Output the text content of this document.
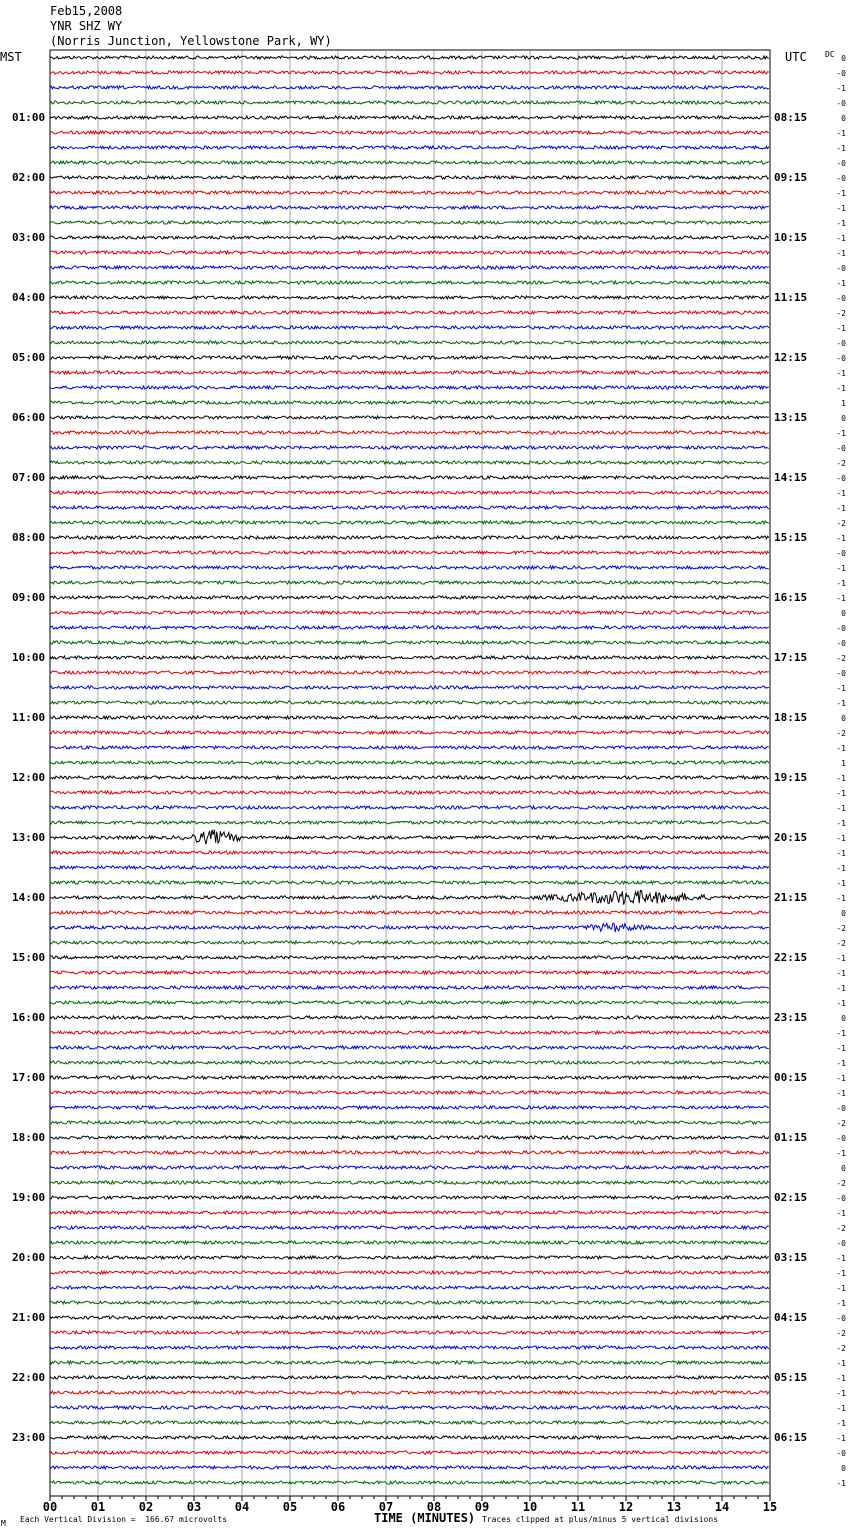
Feb15,2008
YNR SHZ WY
(Norris Junction, Yellowstone Park, WY)
MST	UTC DC
01:00
02:00
03:00
04:00
05:00
06:00
07:00
08:00
09:00
10:00
11:00
12:00
13:00
14:00
15:00
16:00
17:00
18:00
19:00
20:00
21:00
22:00
23:00
08:15
09:15
10:15
11:15
12:15
13:15
14:15
15:15
16:15
17:15
18:15
19:15
20:15
21:15
22:15
23:15
00:15
01:15
02:15
03:15
04:15
05:15
06:15
0
-0
-1
-0
0
-1
-1
-0
-0
-1
-1
-1
-1
-1
-0
-1
-0
-2
-1
-0
-0
-1
-1
1
0
-1
-0
-2
-0
-1
-1
-2
-1
-0
-1
-1
-1
0
-0
-0
-2
-0
-1
-1
0
-2
-1
1
-1
-1
-1
-1
-1
-1
-1
-1
-1
0
-2
-2
-1
-1
-1
-1
0
-1
-1
-1
-1
-1
-0
-2
-0
-1
0
-2
-0
-1
-2
-0
-1
-1
-1
-1
-0
-2
-2
-1
-1
-1
-1
-1
-1
-0
0
-1
00	01	02	03	04	05	06	07	08	09	10	11	12	13	14	15
M Each Vertical Division =  166.67 microvolts	TIME (MINUTES) Traces clipped at plus/minus 5 vertical divisions
